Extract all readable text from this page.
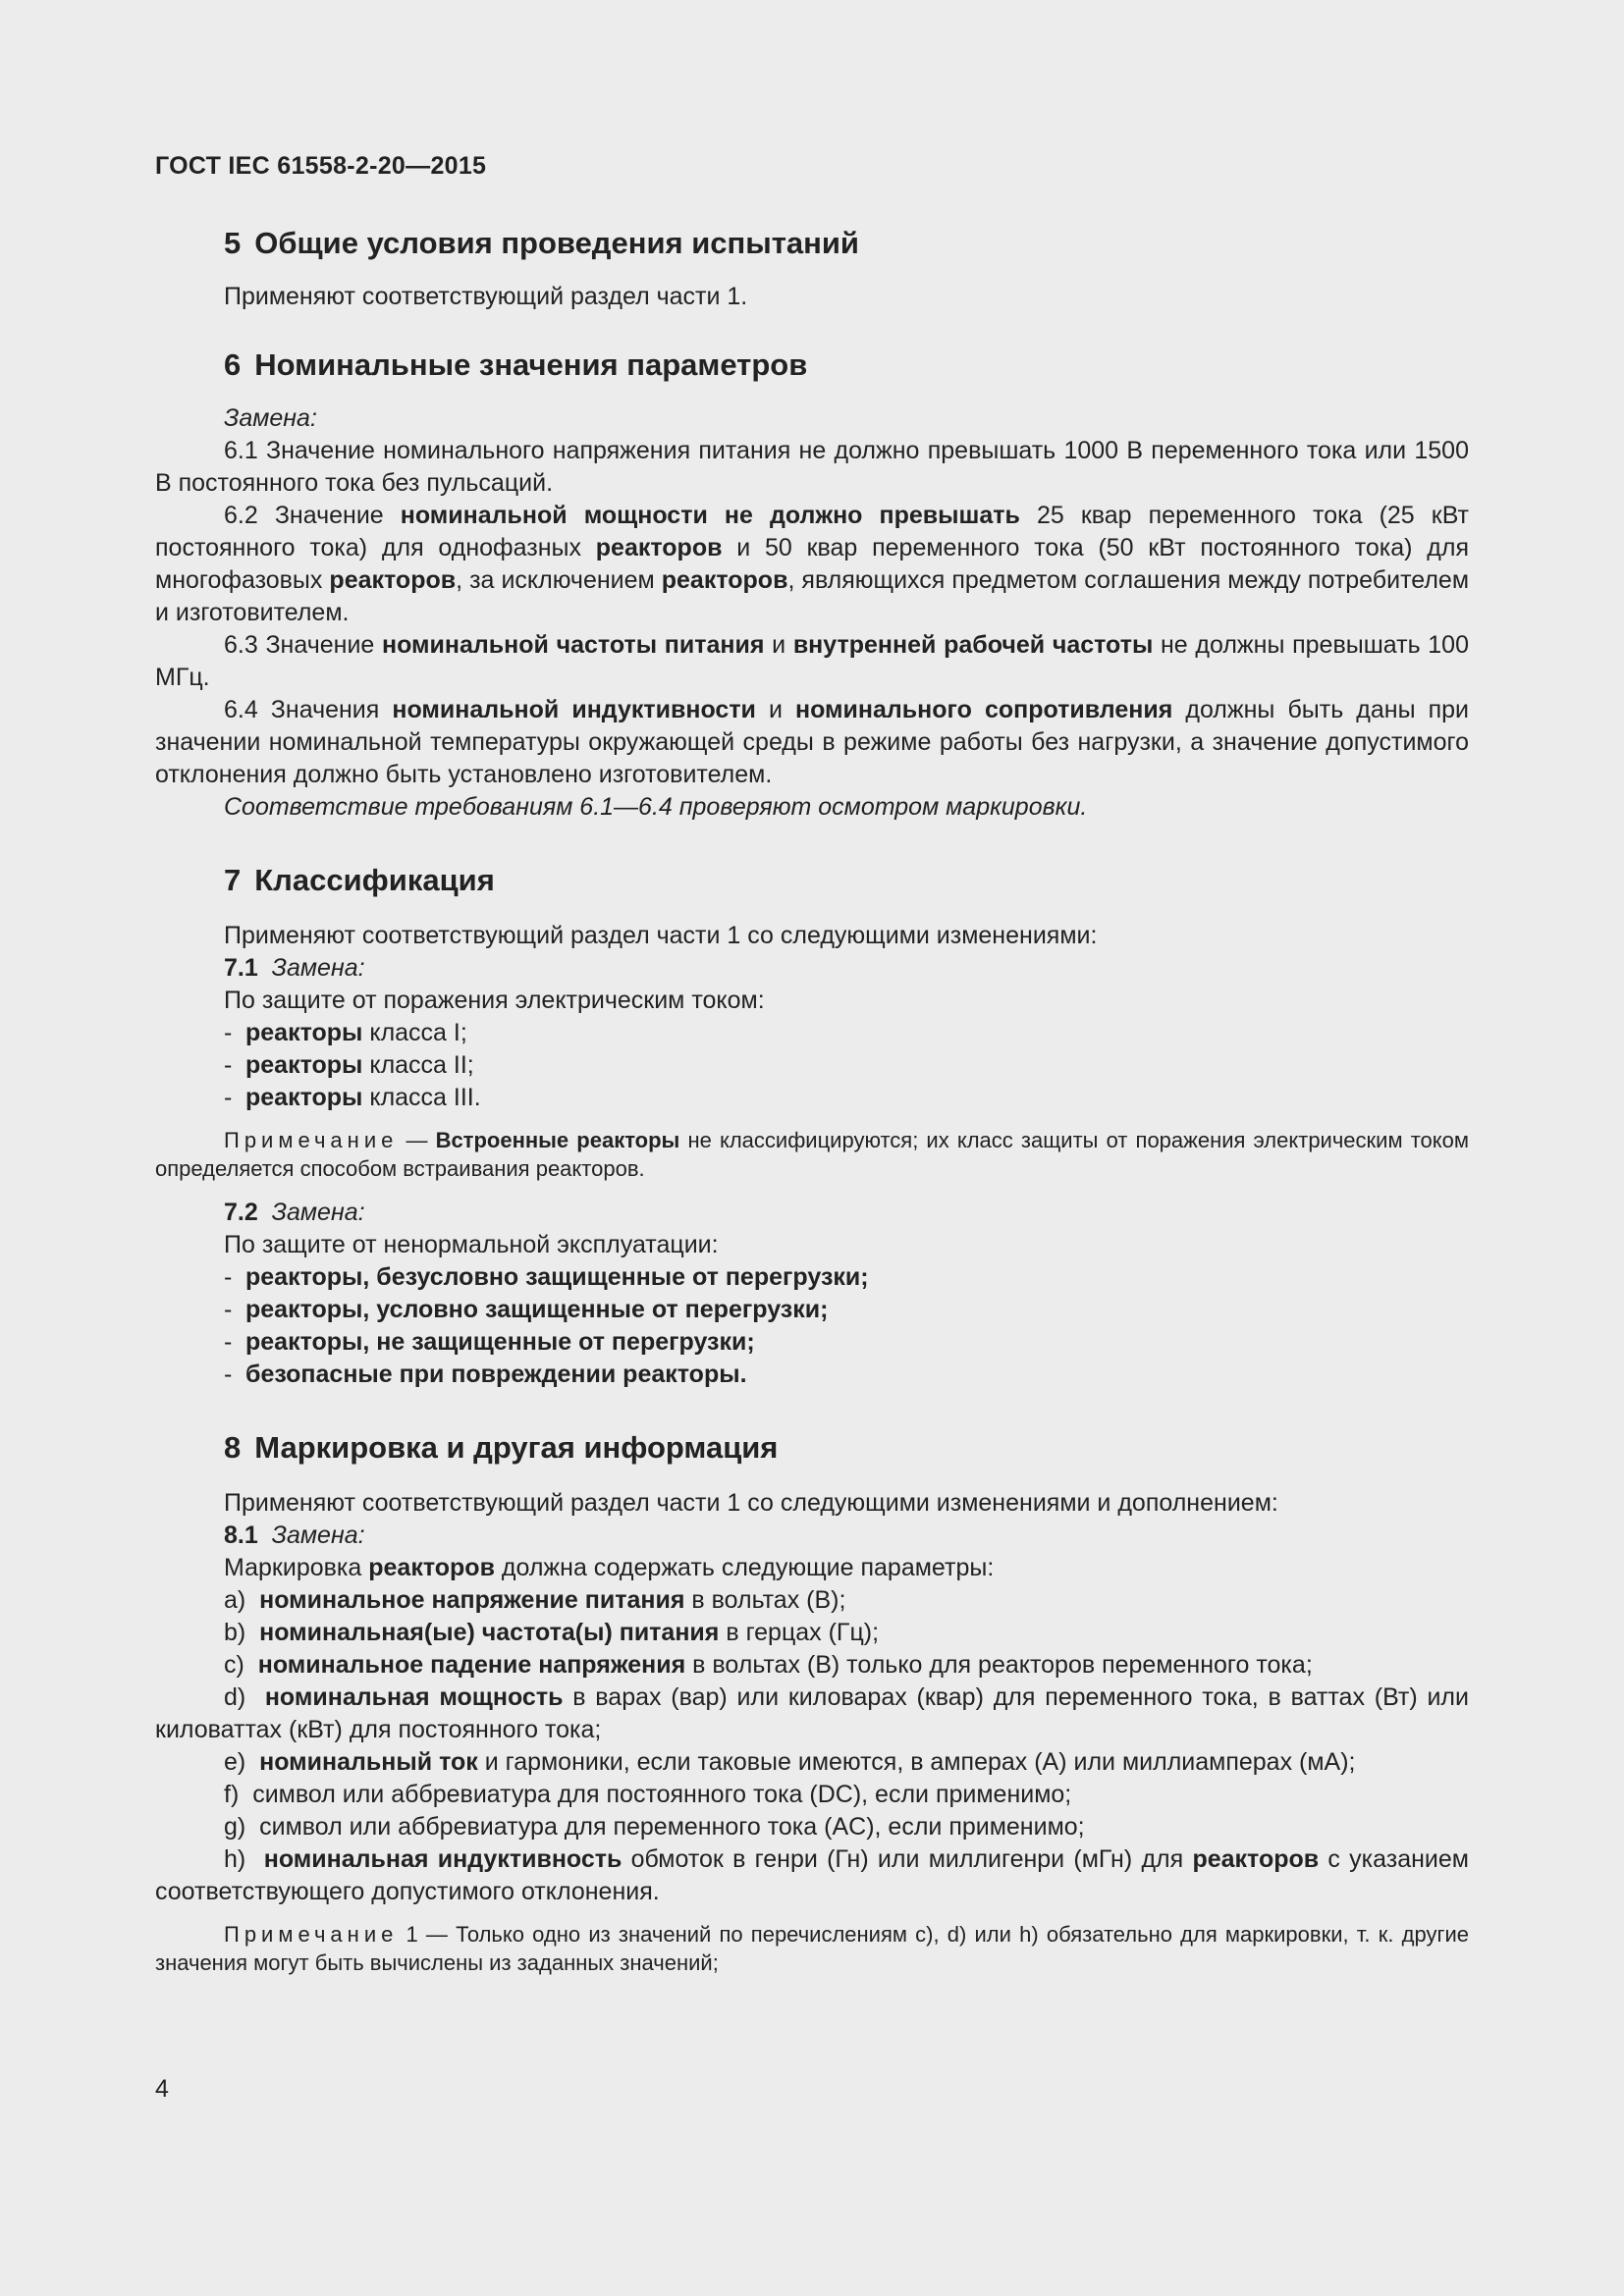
ГОСТ IEC 61558-2-20—2015
5 Общие условия проведения испытаний

Применяют соответствующий раздел части 1.

6 Номинальные значения параметров

Замена:

6.1 Значение номинального напряжения питания не должно превышать 1000 В переменного тока или 1500 В постоянного тока без пульсаций.

6.2 Значение номинальной мощности не должно превышать 25 квар переменного тока (25 кВт постоянного тока) для однофазных реакторов и 50 квар переменного тока (50 кВт постоянного тока) для многофазовых реакторов, за исключением реакторов, являющихся предметом соглашения между потребителем и изготовителем.

6.3 Значение номинальной частоты питания и внутренней рабочей частоты не должны превышать 100 МГц.

6.4 Значения номинальной индуктивности и номинального сопротивления должны быть даны при значении номинальной температуры окружающей среды в режиме работы без нагрузки, а значение допустимого отклонения должно быть установлено изготовителем.

Соответствие требованиям 6.1—6.4 проверяют осмотром маркировки.

7 Классификация

Применяют соответствующий раздел части 1 со следующими изменениями:

7.1 Замена:

По защите от поражения электрическим током:

- реакторы класса I;

- реакторы класса II;

- реакторы класса III.

Примечание — Встроенные реакторы не классифицируются; их класс защиты от поражения электрическим током определяется способом встраивания реакторов.

7.2 Замена:

По защите от ненормальной эксплуатации:

- реакторы, безусловно защищенные от перегрузки;

- реакторы, условно защищенные от перегрузки;

- реакторы, не защищенные от перегрузки;

- безопасные при повреждении реакторы.

8 Маркировка и другая информация

Применяют соответствующий раздел части 1 со следующими изменениями и дополнением:

8.1 Замена:

Маркировка реакторов должна содержать следующие параметры:

a) номинальное напряжение питания в вольтах (В);

b) номинальная(ые) частота(ы) питания в герцах (Гц);

c) номинальное падение напряжения в вольтах (В) только для реакторов переменного тока;

d) номинальная мощность в варах (вар) или киловарах (квар) для переменного тока, в ваттах (Вт) или киловаттах (кВт) для постоянного тока;

e) номинальный ток и гармоники, если таковые имеются, в амперах (А) или миллиамперах (мА);

f) символ или аббревиатура для постоянного тока (DC), если применимо;

g) символ или аббревиатура для переменного тока (AC), если применимо;

h) номинальная индуктивность обмоток в генри (Гн) или миллигенри (мГн) для реакторов с указанием соответствующего допустимого отклонения.

Примечание 1 — Только одно из значений по перечислениям c), d) или h) обязательно для маркировки, т. к. другие значения могут быть вычислены из заданных значений;

4
